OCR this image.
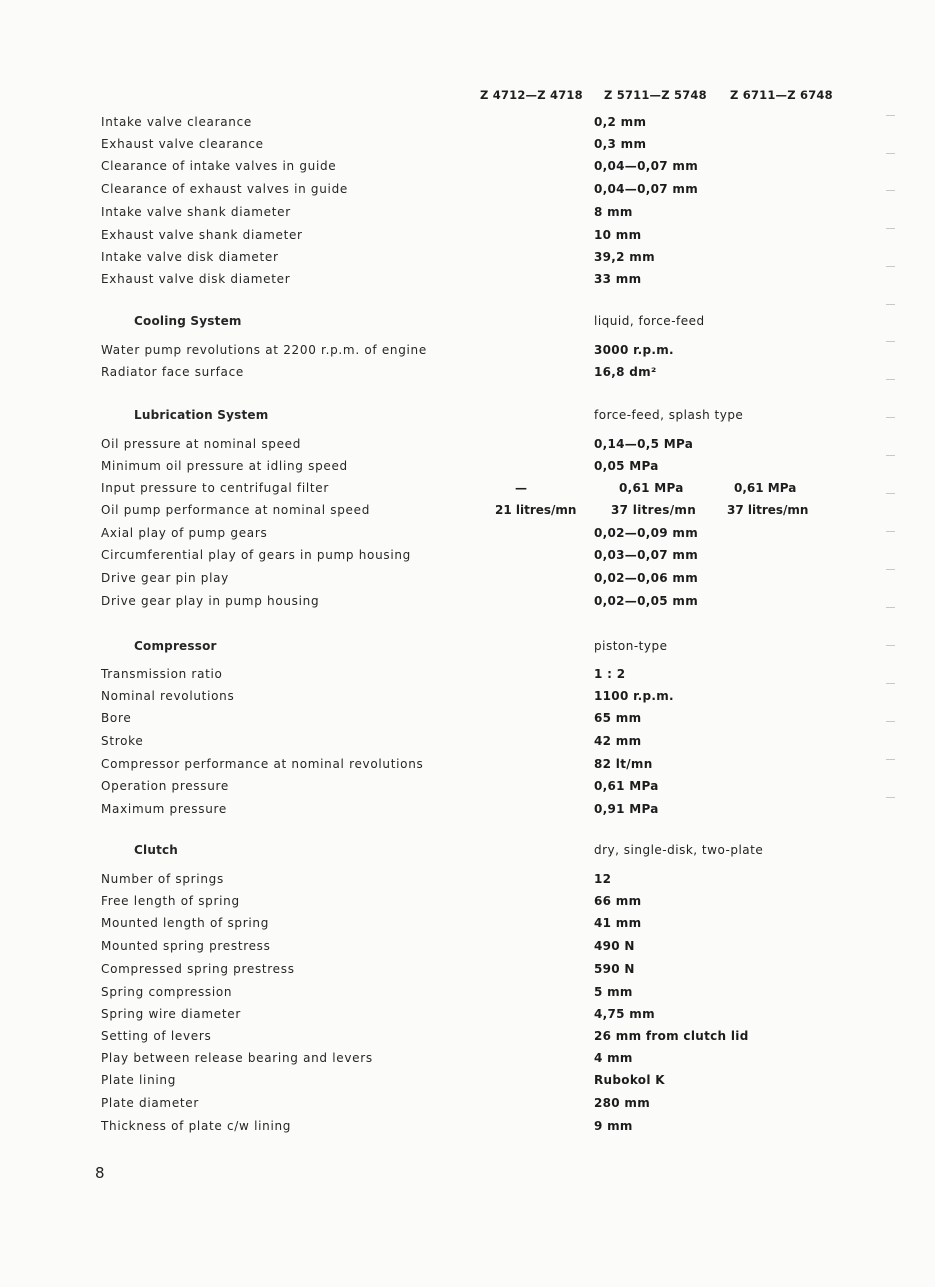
Z 4712—Z 4718 Z 5711—Z 5748 Z 6711—Z 6748
Intake valve clearance	0,2 mm
Exhaust valve clearance	0,3 mm
Clearance of intake valves in guide	0,04—0,07 mm
Clearance of exhaust valves in guide	0,04—0,07 mm
Intake valve shank diameter	8 mm
Exhaust valve shank diameter	10 mm
Intake valve disk diameter	39,2 mm
Exhaust valve disk diameter	33 mm
Cooling System	liquid, force-feed
Water pump revolutions at 2200 r.p.m. of engine	3000 r.p.m.
Radiator face surface	16,8 dm²
Lubrication System	force-feed, splash type
Oil pressure at nominal speed	0,14—0,5 MPa
Minimum oil pressure at idling speed	0,05 MPa
Input pressure to centrifugal filter	—	0,61 MPa	0,61 MPa
Oil pump performance at nominal speed	21 litres/mn	37 litres/mn	37 litres/mn
Axial play of pump gears	0,02—0,09 mm
Circumferential play of gears in pump housing	0,03—0,07 mm
Drive gear pin play	0,02—0,06 mm
Drive gear play in pump housing	0,02—0,05 mm
Compressor	piston-type
Transmission ratio	1 : 2
Nominal revolutions	1100 r.p.m.
Bore	65 mm
Stroke	42 mm
Compressor performance at nominal revolutions	82 lt/mn
Operation pressure	0,61 MPa
Maximum pressure	0,91 MPa
Clutch	dry, single-disk, two-plate
Number of springs	12
Free length of spring	66 mm
Mounted length of spring	41 mm
Mounted spring prestress	490 N
Compressed spring prestress	590 N
Spring compression	5 mm
Spring wire diameter	4,75 mm
Setting of levers	26 mm from clutch lid
Play between release bearing and levers	4 mm
Plate lining	Rubokol K
Plate diameter	280 mm
Thickness of plate c/w lining	9 mm
8
